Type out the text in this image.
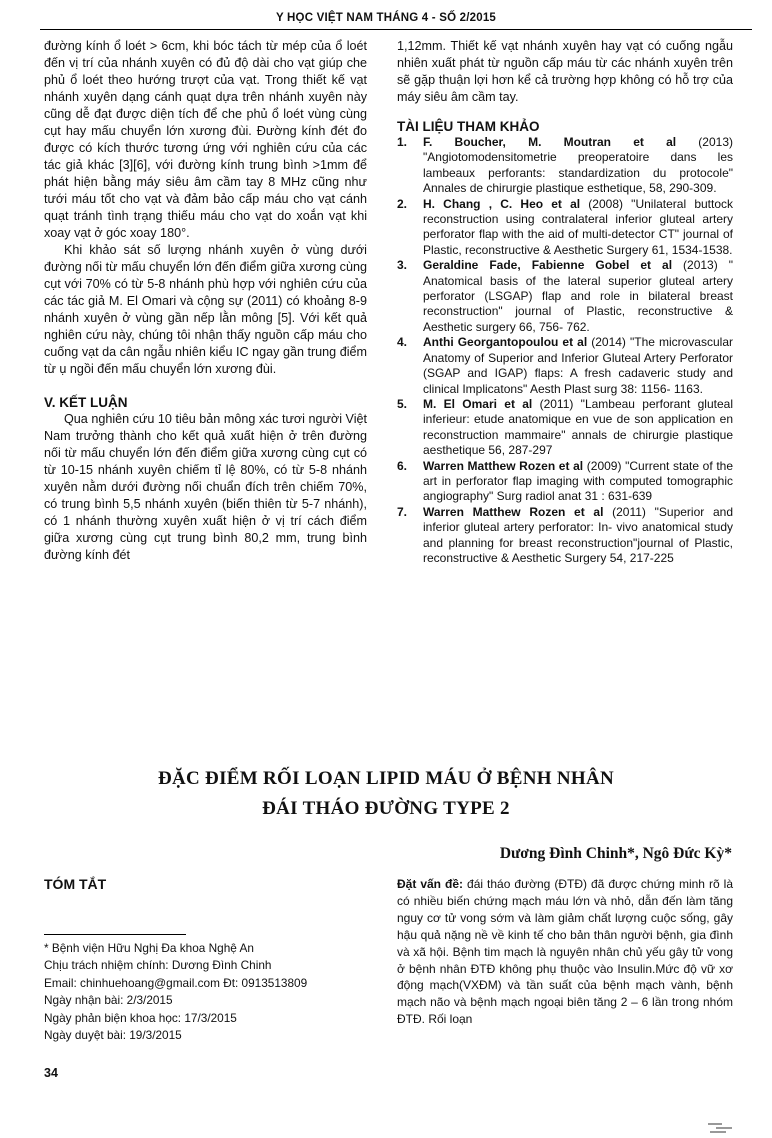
Y HỌC VIỆT NAM THÁNG 4 - SỐ 2/2015

đường kính ổ loét > 6cm, khi bóc tách từ mép của ổ loét đến vị trí của nhánh xuyên có đủ độ dài cho vạt giúp che phủ ổ loét theo hướng trượt của vạt. Trong thiết kế vạt nhánh xuyên dạng cánh quạt dựa trên nhánh xuyên này cũng dễ đạt được diện tích để che phủ ổ loét vùng cùng cụt hay mấu chuyển lớn xương đùi. Đường kính đét đo được có kích thước tương ứng với nghiên cứu của các tác giả khác [3][6], với đường kính trung bình >1mm để phát hiện bằng máy siêu âm cầm tay 8 MHz cũng như tưới máu tốt cho vạt và đảm bảo cấp máu cho vạt cánh quạt tránh tình trạng thiếu máu cho vạt do xoắn vạt khi xoay vạt ở góc xoay 180°.

Khi khảo sát số lượng nhánh xuyên ở vùng dưới đường nối từ mấu chuyển lớn đến điểm giữa xương cùng cụt với 70% có từ 5-8 nhánh phù hợp với nghiên cứu của các tác giả M. El Omari và cộng sự (2011) có khoảng 8-9 nhánh xuyên ở vùng gần nếp lằn mông [5]. Với kết quả nghiên cứu này, chúng tôi nhận thấy nguồn cấp máu cho cuống vạt da cân ngẫu nhiên kiểu IC ngay gần trung điểm từ ụ ngồi đến mấu chuyển lớn xương đùi.

V. KẾT LUẬN

Qua nghiên cứu 10 tiêu bản mông xác tươi người Việt Nam trưởng thành cho kết quả xuất hiện ở trên đường nối từ mấu chuyển lớn đến điểm giữa xương cùng cụt có từ 10-15 nhánh xuyên chiếm tỉ lệ 80%, có từ 5-8 nhánh xuyên nằm dưới đường nối chuẩn đích trên chiếm 70%, có trung bình 5,5 nhánh xuyên (biến thiên từ 5-7 nhánh), có 1 nhánh thường xuyên xuất hiện ở vị trí cách điểm giữa xương cùng cụt trung bình 80,2 mm, trung bình đường kính đét

1,12mm. Thiết kế vạt nhánh xuyên hay vạt có cuống ngẫu nhiên xuất phát từ nguồn cấp máu từ các nhánh xuyên trên sẽ gặp thuận lợi hơn kể cả trường hợp không có hỗ trợ của máy siêu âm cầm tay.

TÀI LIỆU THAM KHẢO

1. F. Boucher, M. Moutran et al (2013) "Angiotomodensitometrie preoperatoire dans les lambeaux perforants: standardization du protocole" Annales de chirurgie plastique esthetique, 58, 290-309.
2. H. Chang , C. Heo et al (2008) "Unilateral buttock reconstruction using contralateral inferior gluteal artery perforator flap with the aid of multi-detector CT" journal of Plastic, reconstructive & Aesthetic Surgery 61, 1534-1538.
3. Geraldine Fade, Fabienne Gobel et al (2013) " Anatomical basis of the lateral superior gluteal artery perforator (LSGAP) flap and role in bilateral breast reconstruction" journal of Plastic, reconstructive & Aesthetic surgery 66, 756- 762.
4. Anthi Georgantopoulou et al (2014) "The microvascular Anatomy of Superior and Inferior Gluteal Artery Perforator (SGAP and IGAP) flaps: A fresh cadaveric study and clinical Implicatons" Aesth Plast surg 38: 1156- 1163.
5. M. El Omari et al (2011) "Lambeau perforant gluteal inferieur: etude anatomique en vue de son application en reconstruction mammaire" annals de chirurgie plastique aesthetique 56, 287-297
6. Warren Matthew Rozen et al (2009) "Current state of the art in perforator flap imaging with computed tomographic angiography" Surg radiol anat 31 : 631-639
7. Warren Matthew Rozen et al (2011) "Superior and inferior gluteal artery perforator: In- vivo anatomical study and planning for breast reconstruction"journal of Plastic, reconstructive & Aesthetic Surgery 54, 217-225
ĐẶC ĐIỂM RỐI LOẠN LIPID MÁU Ở BỆNH NHÂN
ĐÁI THÁO ĐƯỜNG TYPE 2
Dương Đình Chinh*, Ngô Đức Kỳ*
TÓM TẮT	Đặt vấn đề: đái tháo đường (ĐTĐ) đã được chứng minh rõ là có nhiều biến chứng mạch máu lớn và nhỏ, dẫn đến làm tăng nguy cơ tử vong sớm và làm giảm chất lượng cuộc sống, gây hậu quả nặng nề về kinh tế cho bản thân người bệnh, gia đình và xã hội. Bệnh tim mạch là nguyên nhân chủ yếu gây tử vong ở bệnh nhân ĐTĐ không phụ thuộc vào Insulin.Mức độ vữ xơ động mạch(VXĐM) và tần suất của bệnh mạch vành, bệnh mạch não và bệnh mạch ngoại biên tăng 2 – 6 lần trong nhóm ĐTĐ. Rối loạn

* Bệnh viện Hữu Nghị Đa khoa Nghệ An

Chịu trách nhiệm chính: Dương Đình Chinh

Email: chinhuehoang@gmail.com Đt: 0913513809

Ngày nhận bài: 2/3/2015

Ngày phản biện khoa học: 17/3/2015

Ngày duyệt bài: 19/3/2015

34
